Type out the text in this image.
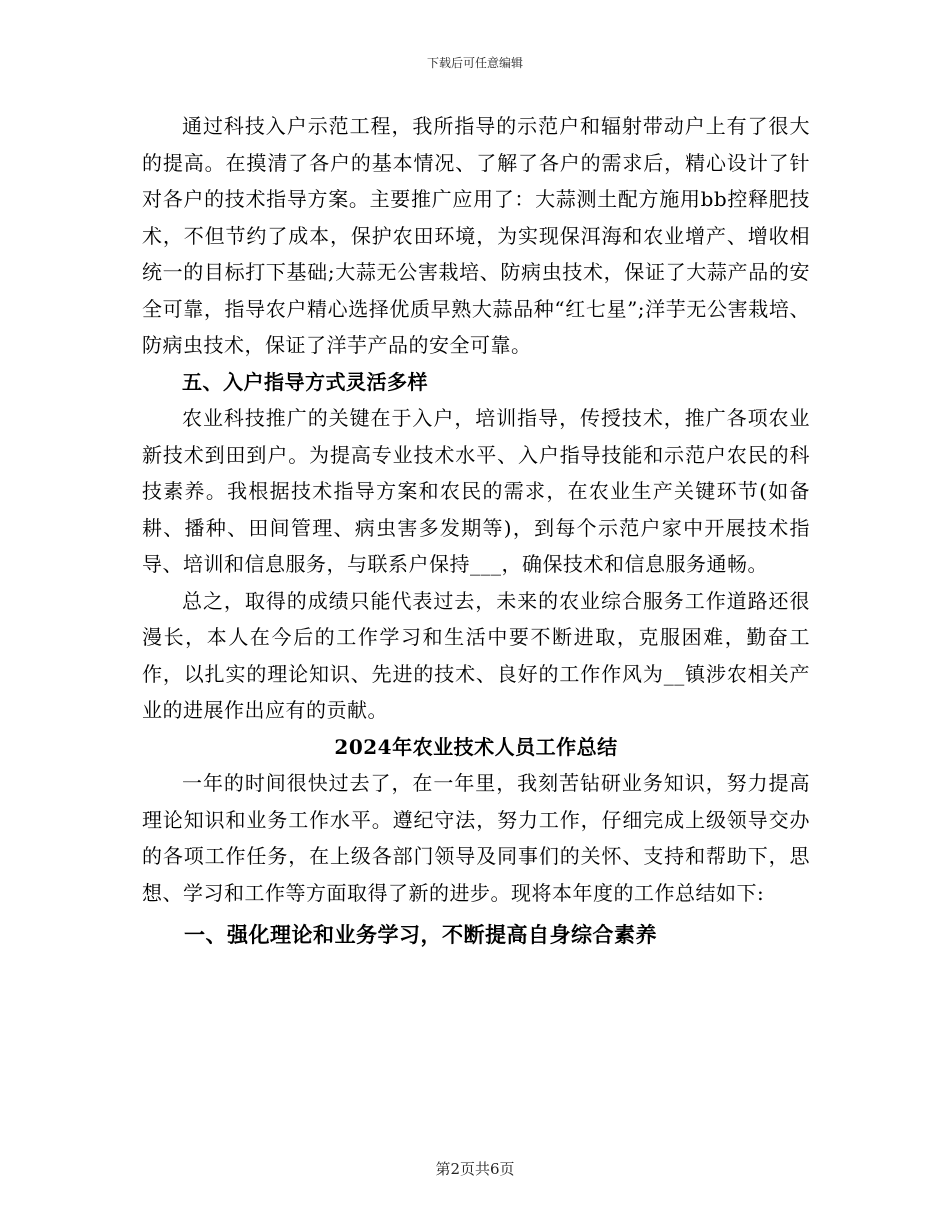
下载后可任意编辑

通过科技入户示范工程，我所指导的示范户和辐射带动户上有了很大的提高。在摸清了各户的基本情况、了解了各户的需求后，精心设计了针对各户的技术指导方案。主要推广应用了：大蒜测土配方施用bb控释肥技术，不但节约了成本，保护农田环境，为实现保洱海和农业增产、增收相统一的目标打下基础;大蒜无公害栽培、防病虫技术，保证了大蒜产品的安全可靠，指导农户精心选择优质早熟大蒜品种“红七星”;洋芋无公害栽培、防病虫技术，保证了洋芋产品的安全可靠。

五、入户指导方式灵活多样

农业科技推广的关键在于入户，培训指导，传授技术，推广各项农业新技术到田到户。为提高专业技术水平、入户指导技能和示范户农民的科技素养。我根据技术指导方案和农民的需求，在农业生产关键环节(如备耕、播种、田间管理、病虫害多发期等)，到每个示范户家中开展技术指导、培训和信息服务，与联系户保持___，确保技术和信息服务通畅。

总之，取得的成绩只能代表过去，未来的农业综合服务工作道路还很漫长，本人在今后的工作学习和生活中要不断进取，克服困难，勤奋工作，以扎实的理论知识、先进的技术、良好的工作作风为__镇涉农相关产业的进展作出应有的贡献。

2024年农业技术人员工作总结

一年的时间很快过去了，在一年里，我刻苦钻研业务知识，努力提高理论知识和业务工作水平。遵纪守法，努力工作，仔细完成上级领导交办的各项工作任务，在上级各部门领导及同事们的关怀、支持和帮助下，思想、学习和工作等方面取得了新的进步。现将本年度的工作总结如下:

一、强化理论和业务学习，不断提高自身综合素养

第2页共6页
